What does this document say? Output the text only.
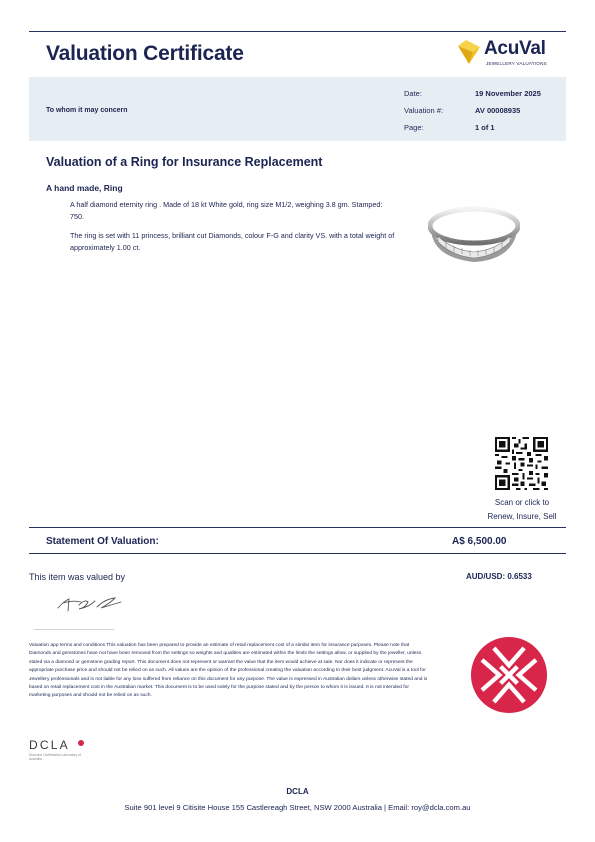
Valuation Certificate	AcuVal
JEWELLERY VALUATIONS
To whom it may concern
Date:	19 November 2025
Valuation #:	AV 00008935
Page:	1 of 1
Valuation of a Ring for Insurance Replacement
A hand made, Ring
A half diamond eternity ring . Made of 18 kt White gold, ring size M1/2, weighing 3.8 gm. Stamped: 750.
The ring is set with 11 princess, brilliant cut Diamonds, colour F-G and clarity VS. with a total weight of approximately 1.00 ct.
Scan or click to
Renew, Insure, Sell
Statement Of Valuation:	A$ 6,500.00
This item was valued by	AUD/USD: 0.6533
Valuation app terms and conditions This valuation has been prepared to provide an estimate of retail replacement cost of a similar item for insurance purposes. Please note that Diamonds and gemstones have not have been removed from the settings so weights and qualities are estimated within the limits the settings allow, or supplied by the jeweller, unless stated via a diamond or gemstone grading report. This document does not represent or warrant the value that the item would achieve at sale. Nor does it indicate or represent the appropriate purchase price and should not be relied on as such. All values are the opinion of the professional creating the valuation according to their best judgment. AcuVal is a tool for Jewellery professionals and is not liable for any loss suffered from reliance on this document for any purpose. The value is expressed in Australian dollars unless otherwise stated and is based on retail replacement cost in the Australian market. This document is to be used solely for the purpose stated and by the person to whom it is issued. It is not intended for marketing purposes and should not be relied on as such.
DCLA
Diamond Certification Laboratory of Australia
DCLA
Suite 901 level 9 Citisite House 155 Castlereagh Street, NSW 2000 Australia | Email: roy@dcla.com.au
